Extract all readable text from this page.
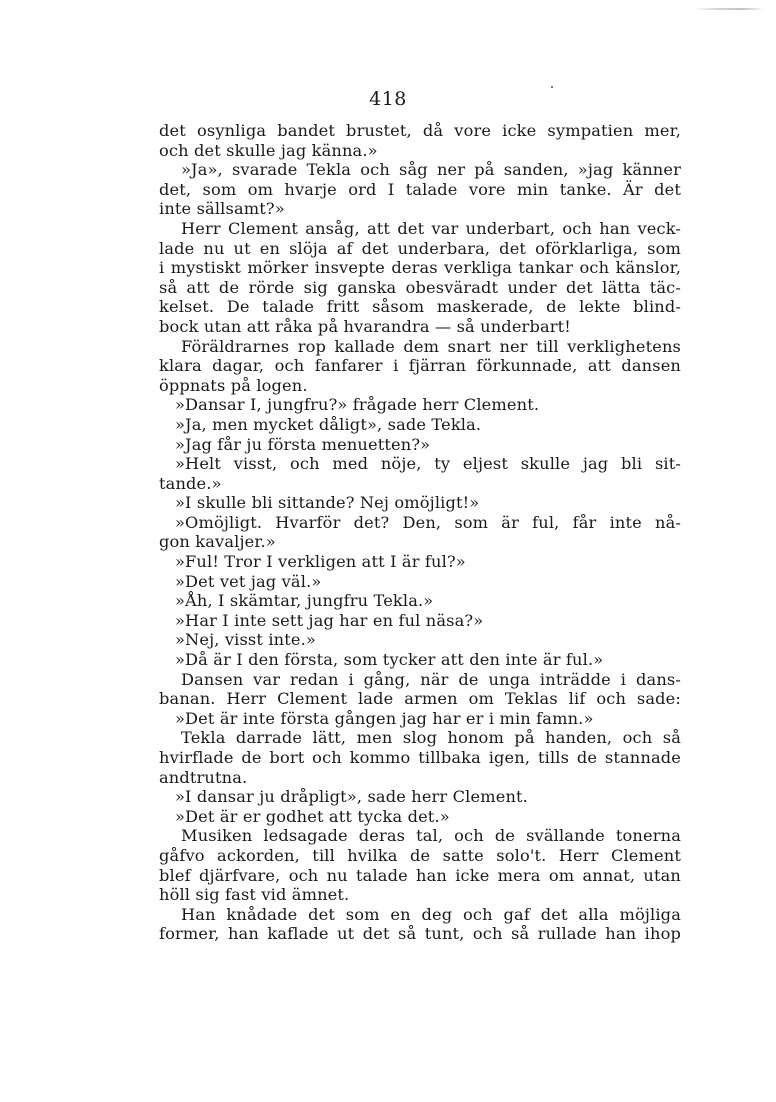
418
det osynliga bandet brustet, då vore icke sympatien mer,
och det skulle jag känna.»
»Ja», svarade Tekla och såg ner på sanden, »jag känner
det, som om hvarje ord I talade vore min tanke. Är det
inte sällsamt?»
Herr Clement ansåg, att det var underbart, och han veck-
lade nu ut en slöja af det underbara, det oförklarliga, som
i mystiskt mörker insvepte deras verkliga tankar och känslor,
så att de rörde sig ganska obesväradt under det lätta täc-
kelset. De talade fritt såsom maskerade, de lekte blind-
bock utan att råka på hvarandra — så underbart!
Föräldrarnes rop kallade dem snart ner till verklighetens
klara dagar, och fanfarer i fjärran förkunnade, att dansen
öppnats på logen.
»Dansar I, jungfru?» frågade herr Clement.
»Ja, men mycket dåligt», sade Tekla.
»Jag får ju första menuetten?»
»Helt visst, och med nöje, ty eljest skulle jag bli sit-
tande.»
»I skulle bli sittande? Nej omöjligt!»
»Omöjligt. Hvarför det? Den, som är ful, får inte nå-
gon kavaljer.»
»Ful! Tror I verkligen att I är ful?»
»Det vet jag väl.»
»Åh, I skämtar, jungfru Tekla.»
»Har I inte sett jag har en ful näsa?»
»Nej, visst inte.»
»Då är I den första, som tycker att den inte är ful.»
Dansen var redan i gång, när de unga inträdde i dans-
banan. Herr Clement lade armen om Teklas lif och sade:
»Det är inte första gången jag har er i min famn.»
Tekla darrade lätt, men slog honom på handen, och så
hvirflade de bort och kommo tillbaka igen, tills de stannade
andtrutna.
»I dansar ju dråpligt», sade herr Clement.
»Det är er godhet att tycka det.»
Musiken ledsagade deras tal, och de svällande tonerna
gåfvo ackorden, till hvilka de satte solo't. Herr Clement
blef djärfvare, och nu talade han icke mera om annat, utan
höll sig fast vid ämnet.
Han knådade det som en deg och gaf det alla möjliga
former, han kaflade ut det så tunt, och så rullade han ihop
